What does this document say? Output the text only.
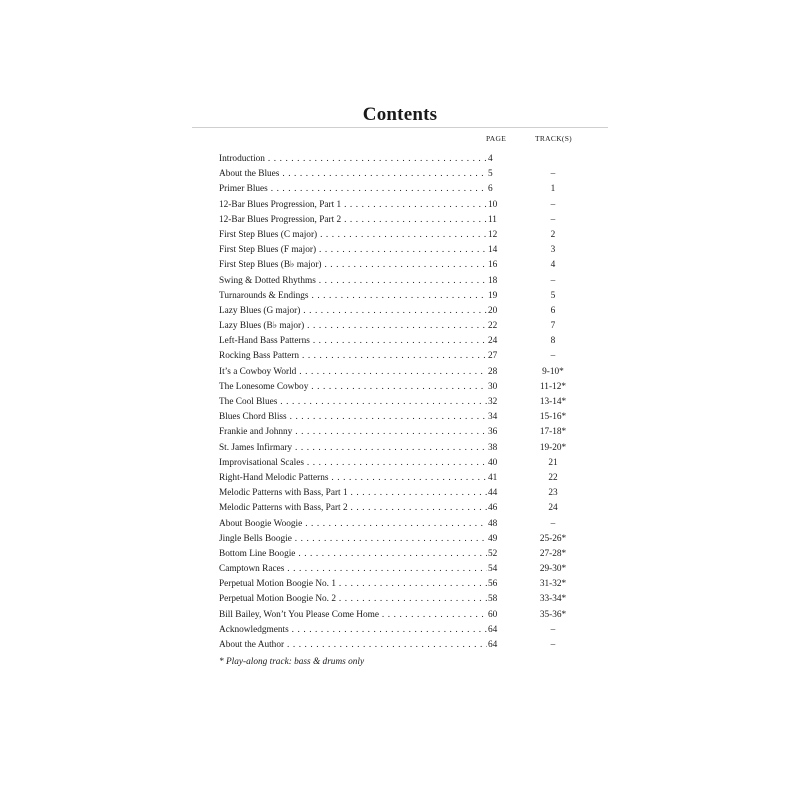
Contents
PAGE	TRACK(S)
Introduction . . .	4
About the Blues . . .	5	–
Primer Blues . . .	6	1
12-Bar Blues Progression, Part 1 . . .	10	–
12-Bar Blues Progression, Part 2 . . .	11	–
First Step Blues (C major) . . .	12	2
First Step Blues (F major) . . .	14	3
First Step Blues (B♭ major) . . .	16	4
Swing & Dotted Rhythms . . .	18	–
Turnarounds & Endings . . .	19	5
Lazy Blues (G major) . . .	20	6
Lazy Blues (B♭ major) . . .	22	7
Left-Hand Bass Patterns . . .	24	8
Rocking Bass Pattern . . .	27	–
It’s a Cowboy World . . .	28	9-10*
The Lonesome Cowboy . . .	30	11-12*
The Cool Blues . . .	32	13-14*
Blues Chord Bliss . . .	34	15-16*
Frankie and Johnny . . .	36	17-18*
St. James Infirmary . . .	38	19-20*
Improvisational Scales . . .	40	21
Right-Hand Melodic Patterns . . .	41	22
Melodic Patterns with Bass, Part 1 . . .	44	23
Melodic Patterns with Bass, Part 2 . . .	46	24
About Boogie Woogie . . .	48	–
Jingle Bells Boogie . . .	49	25-26*
Bottom Line Boogie . . .	52	27-28*
Camptown Races . . .	54	29-30*
Perpetual Motion Boogie No. 1 . . .	56	31-32*
Perpetual Motion Boogie No. 2 . . .	58	33-34*
Bill Bailey, Won’t You Please Come Home . . .	60	35-36*
Acknowledgments . . .	64	–
About the Author . . .	64	–
* Play-along track: bass & drums only
